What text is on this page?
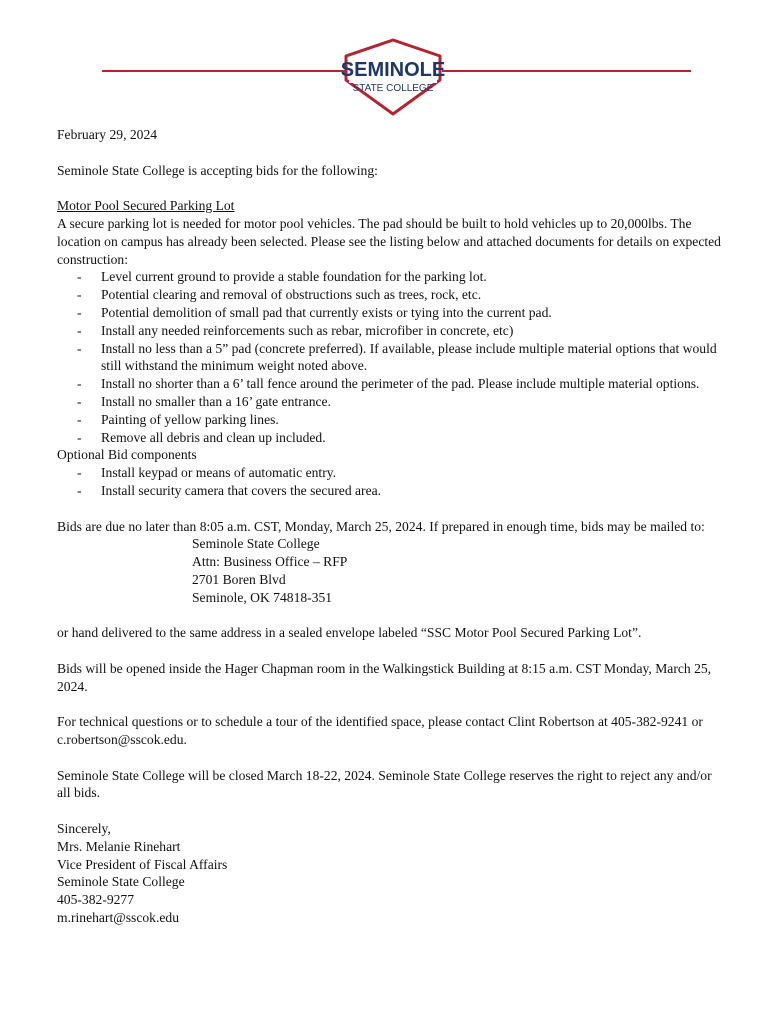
SEMINOLE
STATE COLLEGE

February 29, 2024

Seminole State College is accepting bids for the following:

Motor Pool Secured Parking Lot

A secure parking lot is needed for motor pool vehicles. The pad should be built to hold vehicles up to 20,000lbs. The location on campus has already been selected. Please see the listing below and attached documents for details on expected construction:

- Level current ground to provide a stable foundation for the parking lot.
- Potential clearing and removal of obstructions such as trees, rock, etc.
- Potential demolition of small pad that currently exists or tying into the current pad.
- Install any needed reinforcements such as rebar, microfiber in concrete, etc)
- Install no less than a 5” pad (concrete preferred). If available, please include multiple material options that would still withstand the minimum weight noted above.
- Install no shorter than a 6’ tall fence around the perimeter of the pad. Please include multiple material options.
- Install no smaller than a 16’ gate entrance.
- Painting of yellow parking lines.
- Remove all debris and clean up included.

Optional Bid components

- Install keypad or means of automatic entry.
- Install security camera that covers the secured area.

Bids are due no later than 8:05 a.m. CST, Monday, March 25, 2024. If prepared in enough time, bids may be mailed to:

Seminole State College

Attn: Business Office – RFP

2701 Boren Blvd

Seminole, OK 74818-351

or hand delivered to the same address in a sealed envelope labeled “SSC Motor Pool Secured Parking Lot”.

Bids will be opened inside the Hager Chapman room in the Walkingstick Building at 8:15 a.m. CST Monday, March 25, 2024.

For technical questions or to schedule a tour of the identified space, please contact Clint Robertson at 405-382-9241 or c.robertson@sscok.edu.

Seminole State College will be closed March 18-22, 2024. Seminole State College reserves the right to reject any and/or all bids.

Sincerely,

Mrs. Melanie Rinehart

Vice President of Fiscal Affairs

Seminole State College

405-382-9277

m.rinehart@sscok.edu
